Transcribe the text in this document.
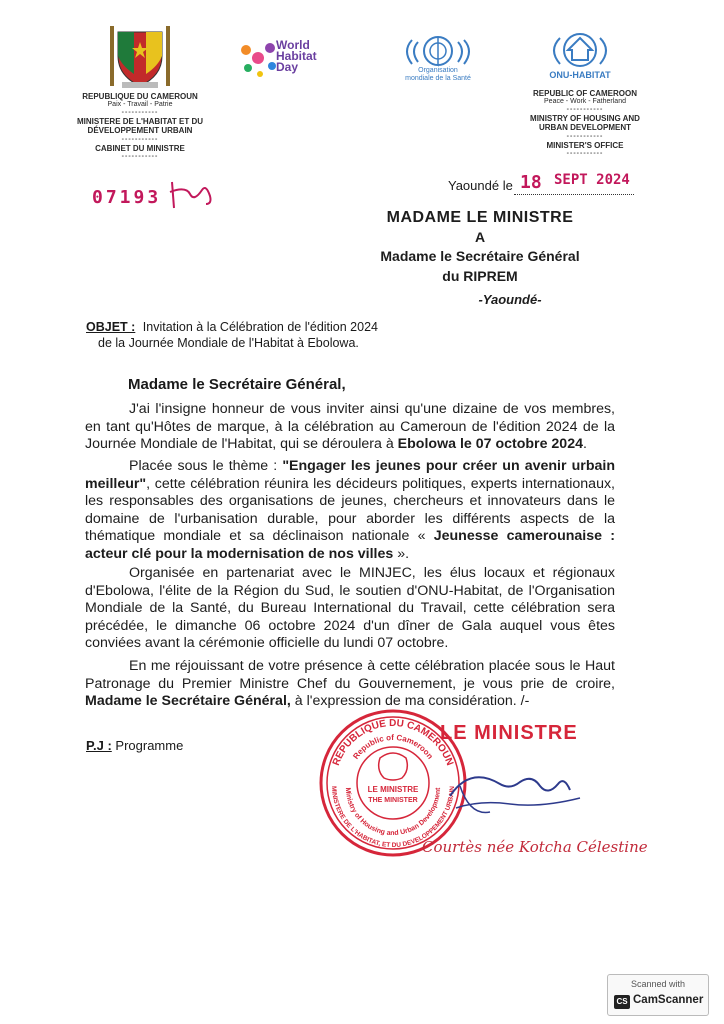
World
Habitat
Day	Organisation
mondiale de la Santé	ONU-HABITAT
REPUBLIQUE DU CAMEROUN
Paix - Travail - Patrie
-----------
MINISTERE DE L'HABITAT ET DU
DÉVELOPPEMENT URBAIN
-----------
CABINET DU MINISTRE
-----------
REPUBLIC OF CAMEROON
Peace - Work - Fatherland
-----------
MINISTRY OF HOUSING AND
URBAN DEVELOPMENT
-----------
MINISTER'S OFFICE
-----------
07193
Yaoundé le 18 SEPT 2024
MADAME LE MINISTRE
A
Madame le Secrétaire Général
du RIPREM
-Yaoundé-
OBJET : Invitation à la Célébration de l'édition 2024
de la Journée Mondiale de l'Habitat à Ebolowa.
Madame le Secrétaire Général,
J'ai l'insigne honneur de vous inviter ainsi qu'une dizaine de vos membres, en tant qu'Hôtes de marque, à la célébration au Cameroun de l'édition 2024 de la Journée Mondiale de l'Habitat, qui se déroulera à Ebolowa le 07 octobre 2024.
Placée sous le thème : "Engager les jeunes pour créer un avenir urbain meilleur", cette célébration réunira les décideurs politiques, experts internationaux, les responsables des organisations de jeunes, chercheurs et innovateurs dans le domaine de l'urbanisation durable, pour aborder les différents aspects de la thématique mondiale et sa déclinaison nationale « Jeunesse camerounaise : acteur clé pour la modernisation de nos villes ».
Organisée en partenariat avec le MINJEC, les élus locaux et régionaux d'Ebolowa, l'élite de la Région du Sud, le soutien d'ONU-Habitat, de l'Organisation Mondiale de la Santé, du Bureau International du Travail, cette célébration sera précédée, le dimanche 06 octobre 2024 d'un dîner de Gala auquel vous êtes conviées avant la cérémonie officielle du lundi 07 octobre.
En me réjouissant de votre présence à cette célébration placée sous le Haut Patronage du Premier Ministre Chef du Gouvernement, je vous prie de croire, Madame le Secrétaire Général, à l'expression de ma considération. /-
P.J : Programme
REPUBLIQUE DU CAMEROUN
Republic of Cameroon
MINISTERE DE L'HABITAT, ET DU DEVELOPPEMENT URBAIN
Ministry of Housing and Urban Development
LE MINISTRE
THE MINISTER
LE MINISTRE
Courtès née Kotcha Célestine
Scanned with
CS CamScanner
